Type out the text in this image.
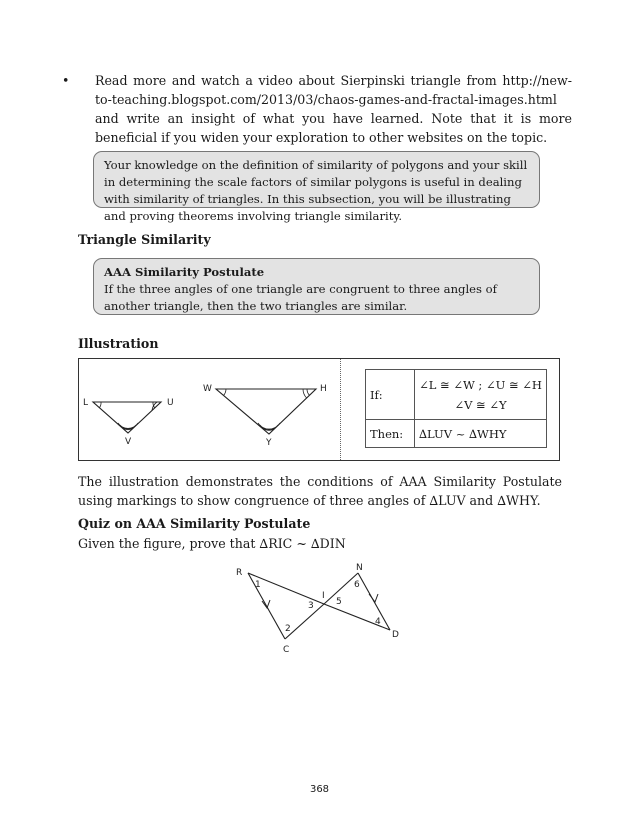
• Read more and watch a video about Sierpinski triangle from http://new-to-teaching.blogspot.com/2013/03/chaos-games-and-fractal-images.html and write an insight of what you have learned. Note that it is more beneficial if you widen your exploration to other websites on the topic.
Your knowledge on the definition of similarity of polygons and your skill in determining the scale factors of similar polygons is useful in dealing with similarity of triangles. In this subsection, you will be illustrating and proving theorems involving triangle similarity.
Triangle Similarity
AAA Similarity Postulate
If the three angles of one triangle are congruent to three angles of another triangle, then the two triangles are similar.
Illustration
L	U
V
W	H
Y
If:	∠L ≅ ∠W ; ∠U ≅ ∠H
∠V ≅ ∠Y

Then:	∆LUV ~ ∆WHY
The illustration demonstrates the conditions of AAA Similarity Postulate using markings to show congruence of three angles of ∆LUV and ∆WHY.
Quiz on AAA Similarity Postulate
Given the figure, prove that ∆RIC ~ ∆DIN
R	N
I
C
D
1
2
3
4
5
6
368
